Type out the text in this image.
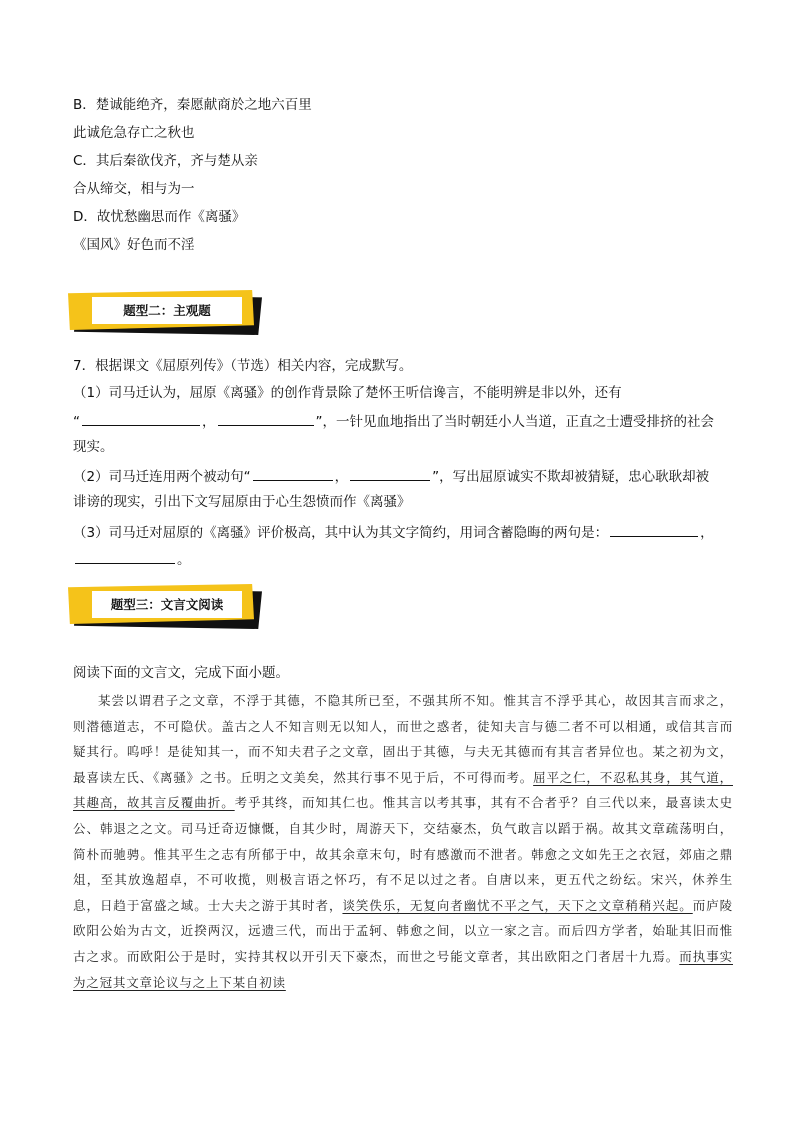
B．楚诚能绝齐，秦愿献商於之地六百里
此诚危急存亡之秋也
C．其后秦欲伐齐，齐与楚从亲
合从缔交，相与为一
D．故忧愁幽思而作《离骚》
《国风》好色而不淫
题型二：主观题
7．根据课文《屈原列传》（节选）相关内容，完成默写。
（1）司马迁认为，屈原《离骚》的创作背景除了楚怀王听信谗言，不能明辨是非以外，还有
“	，	”，一针见血地指出了当时朝廷小人当道，正直之士遭受排挤的社会
现实。
（2）司马迁连用两个被动句“	，	”，写出屈原诚实不欺却被猜疑，忠心耿耿却被
诽谤的现实，引出下文写屈原由于心生怨愤而作《离骚》
（3）司马迁对屈原的《离骚》评价极高，其中认为其文字简约，用词含蓄隐晦的两句是：	，
。
题型三：文言文阅读
阅读下面的文言文，完成下面小题。

某尝以谓君子之文章，不浮于其德，不隐其所已至，不强其所不知。惟其言不浮乎其心，故因其言而求之，则潜德道志，不可隐伏。盖古之人不知言则无以知人，而世之惑者，徒知夫言与德二者不可以相通，或信其言而疑其行。呜呼！是徒知其一，而不知夫君子之文章，固出于其德，与夫无其德而有其言者异位也。某之初为文，最喜读左氏、《离骚》之书。丘明之文美矣，然其行事不见于后，不可得而考。屈平之仁，不忍私其身，其气道，其趣高，故其言反覆曲折。考乎其终，而知其仁也。惟其言以考其事，其有不合者乎？自三代以来，最喜读太史公、韩退之之文。司马迁奇迈慷慨，自其少时，周游天下，交结豪杰，负气敢言以蹈于祸。故其文章疏荡明白，简朴而驰骋。惟其平生之志有所郁于中，故其余章末句，时有感激而不泄者。韩愈之文如先王之衣冠，郊庙之鼎俎，至其放逸超卓，不可收揽，则极言语之怀巧，有不足以过之者。自唐以来，更五代之纷纭。宋兴，休养生息，日趋于富盛之域。士大夫之游于其时者，谈笑佚乐，无复向者幽忧不平之气，天下之文章稍稍兴起。而庐陵欧阳公始为古文，近揆两汉，远遗三代，而出于孟轲、韩愈之间，以立一家之言。而后四方学者，始耻其旧而惟古之求。而欧阳公于是时，实持其权以开引天下豪杰，而世之号能文章者，其出欧阳之门者居十九焉。而执事实为之冠其文章论议与之上下某自初读
